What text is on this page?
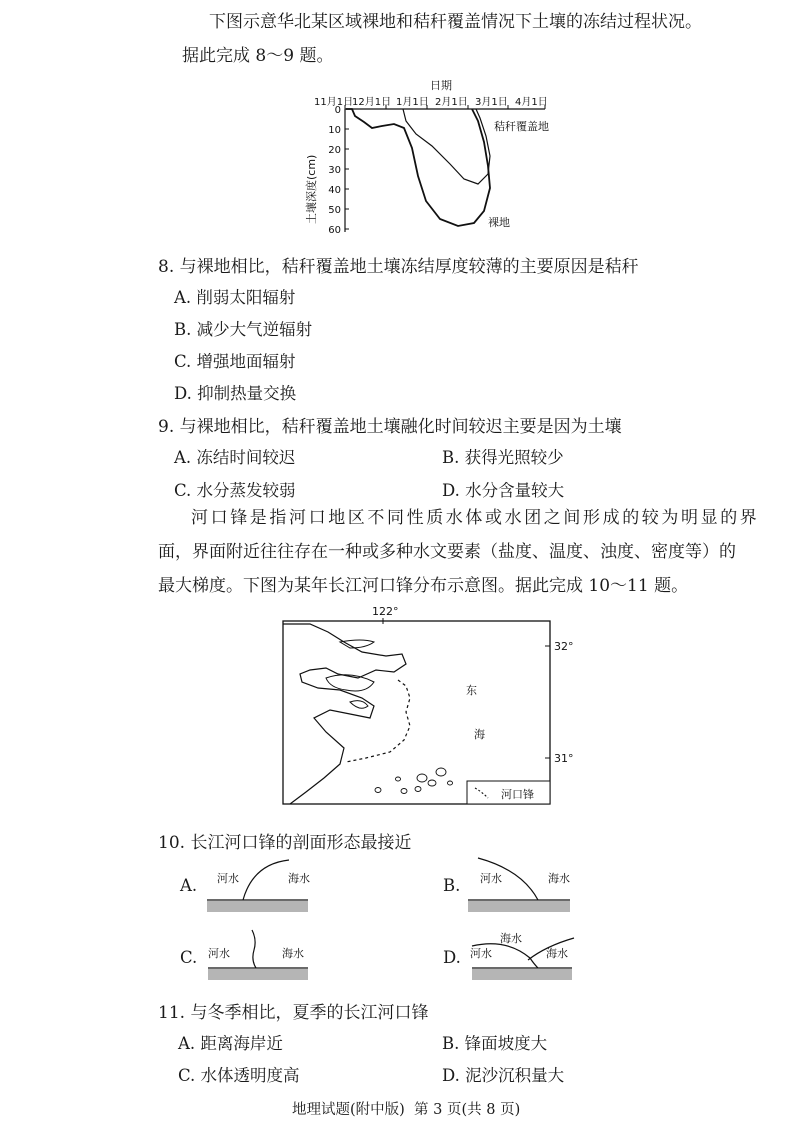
下图示意华北某区域裸地和秸秆覆盖情况下土壤的冻结过程状况。
据此完成 8～9 题。
日期
11月1日
12月1日 1月1日 2月1日 3月1日 4月1日
0
10
20
30
40
50
60
土壤深度(cm)
秸秆覆盖地
裸地
8. 与裸地相比，秸秆覆盖地土壤冻结厚度较薄的主要原因是秸秆
A. 削弱太阳辐射
B. 减少大气逆辐射
C. 增强地面辐射
D. 抑制热量交换
9. 与裸地相比，秸秆覆盖地土壤融化时间较迟主要是因为土壤
A. 冻结时间较迟	B. 获得光照较少
C. 水分蒸发较弱	D. 水分含量较大
河口锋是指河口地区不同性质水体或水团之间形成的较为明显的界
面，界面附近往往存在一种或多种水文要素（盐度、温度、浊度、密度等）的
最大梯度。下图为某年长江河口锋分布示意图。据此完成 10～11 题。
122°
32°
31°
东
海
河口锋
10. 长江河口锋的剖面形态最接近
A. 河水	海水	B. 河水	海水
C. 河水	海水	D.
海水
河水	海水
11. 与冬季相比，夏季的长江河口锋
A. 距离海岸近	B. 锋面坡度大
C. 水体透明度高	D. 泥沙沉积量大
地理试题(附中版)  第 3 页(共 8 页)
